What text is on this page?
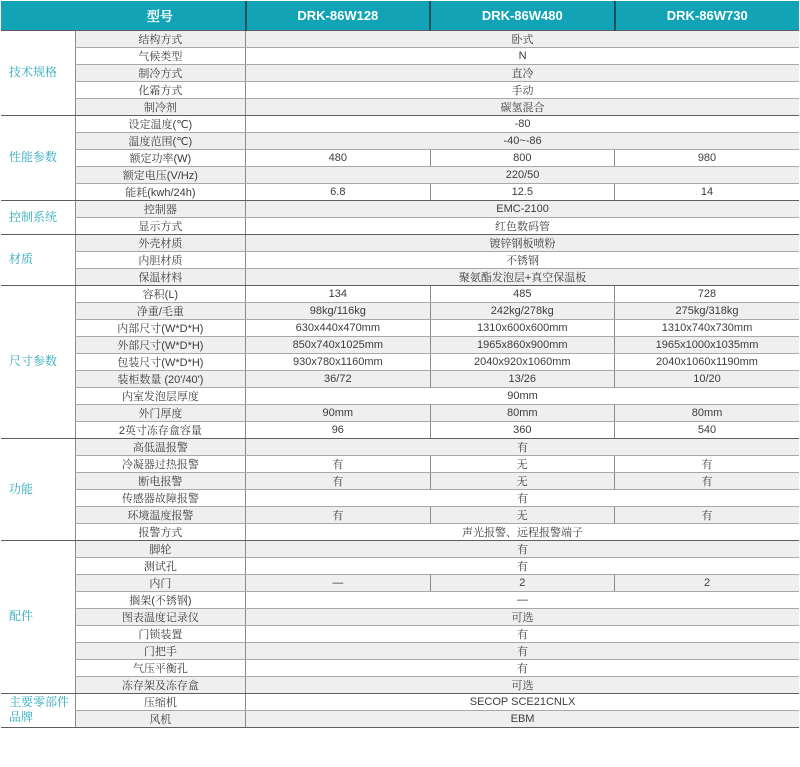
	型号	DRK-86W128	DRK-86W480	DRK-86W730
技术规格	结构方式	卧式		
	气候类型	N		
	制冷方式	直冷		
	化霜方式	手动		
	制冷剂	碳氢混合		
性能参数	设定温度(℃)	-80		
	温度范围(℃)	-40~-86		
	额定功率(W)	480	800	980
	额定电压(V/Hz)	220/50		
	能耗(kwh/24h)	6.8	12.5	14
控制系统	控制器	EMC-2100		
	显示方式	红色数码管		
材质	外壳材质	镀锌钢板喷粉		
	内胆材质	不锈钢		
	保温材料	聚氨酯发泡层+真空保温板		
尺寸参数	容积(L)	134	485	728
	净重/毛重	98kg/116kg	242kg/278kg	275kg/318kg
	内部尺寸(W*D*H)	630x440x470mm	1310x600x600mm	1310x740x730mm
	外部尺寸(W*D*H)	850x740x1025mm	1965x860x900mm	1965x1000x1035mm
	包装尺寸(W*D*H)	930x780x1160mm	2040x920x1060mm	2040x1060x1190mm
	装柜数量 (20'/40')	36/72	13/26	10/20
	内室发泡层厚度	90mm		
	外门厚度	90mm	80mm	80mm
	2英寸冻存盒容量	96	360	540
功能	高低温报警	有		
	冷凝器过热报警	有	无	有
	断电报警	有	无	有
	传感器故障报警	有		
	环境温度报警	有	无	有
	报警方式	声光报警、远程报警端子		
配件	脚轮	有		
	测试孔	有		
	内门	—	2	2
	搁架(不锈钢)	—		
	图表温度记录仪	可选		
	门锁装置	有		
	门把手	有		
	气压平衡孔	有		
	冻存架及冻存盒	可选		
主要零部件品牌	压缩机	SECOP SCE21CNLX		
	风机	EBM		
